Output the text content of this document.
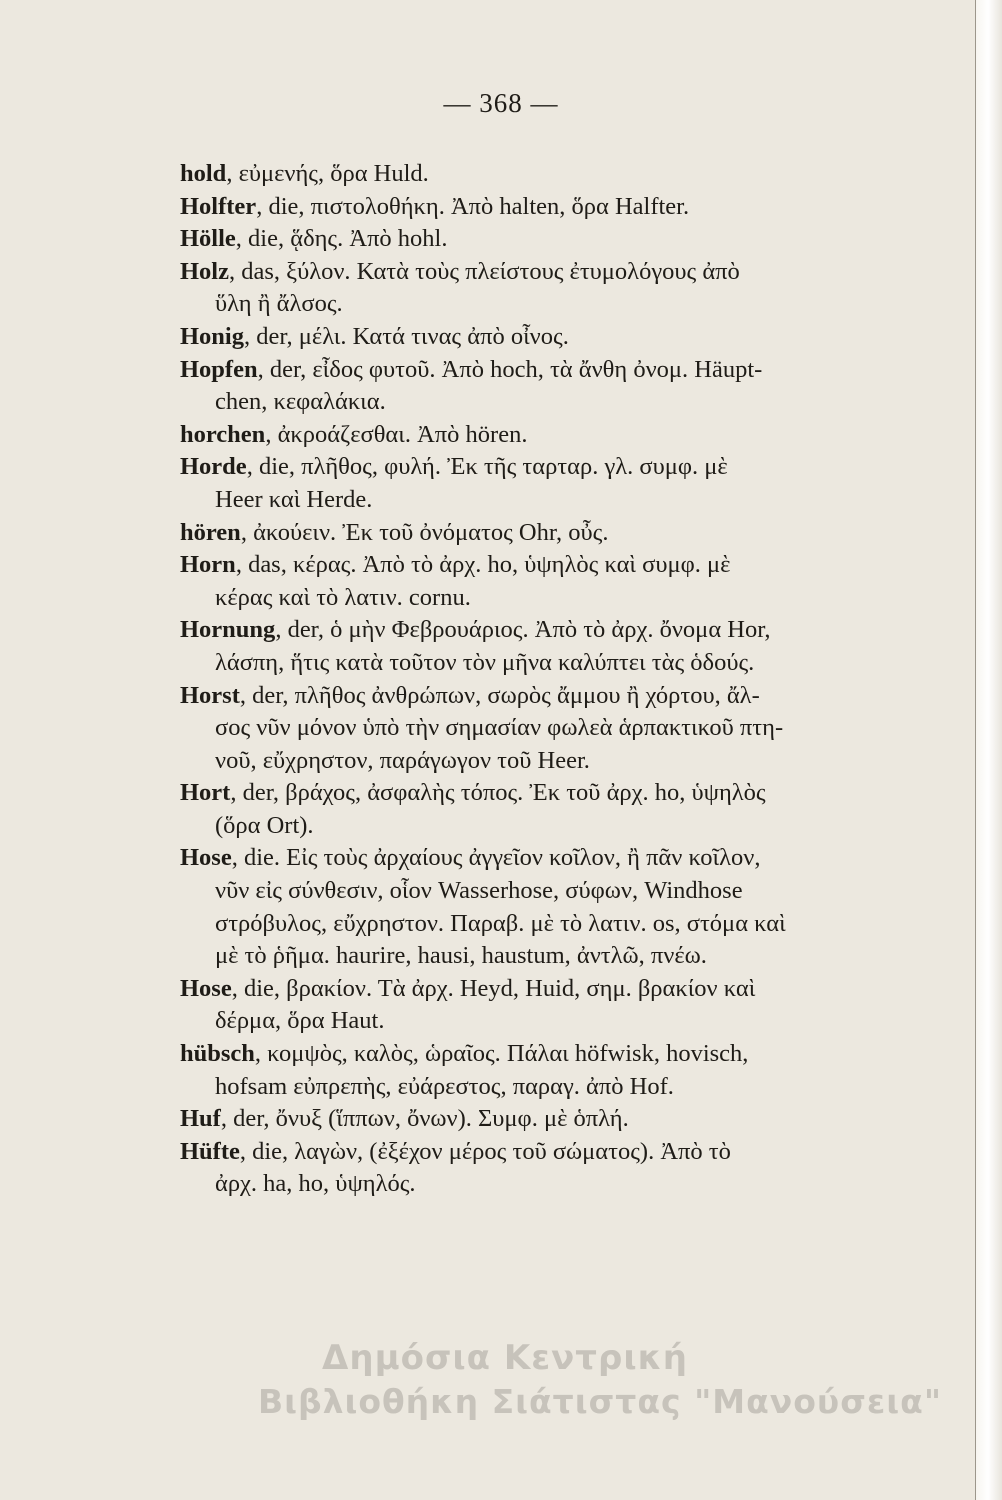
— 368 —
hold, εὐμενής, ὅρα Huld.
Holfter, die, πιστολοθήκη. Ἀπὸ halten, ὅρα Halfter.
Hölle, die, ᾅδης. Ἀπὸ hohl.
Holz, das, ξύλον. Κατὰ τοὺς πλείστους ἐτυμολόγους ἀπὸ
ὕλη ἢ ἄλσος.
Honig, der, μέλι. Κατά τινας ἀπὸ οἶνος.
Hopfen, der, εἶδος φυτοῦ. Ἀπὸ hoch, τὰ ἄνθη ὀνομ. Häupt-
chen, κεφαλάκια.
horchen, ἀκροάζεσθαι. Ἀπὸ hören.
Horde, die, πλῆθος, φυλή. Ἐκ τῆς ταρταρ. γλ. συμφ. μὲ
Heer καὶ Herde.
hören, ἀκούειν. Ἐκ τοῦ ὀνόματος Ohr, οὖς.
Horn, das, κέρας. Ἀπὸ τὸ ἀρχ. ho, ὑψηλὸς καὶ συμφ. μὲ
κέρας καὶ τὸ λατιν. cornu.
Hornung, der, ὁ μὴν Φεβρουάριος. Ἀπὸ τὸ ἀρχ. ὄνομα Hor,
λάσπη, ἥτις κατὰ τοῦτον τὸν μῆνα καλύπτει τὰς ὁδούς.
Horst, der, πλῆθος ἀνθρώπων, σωρὸς ἄμμου ἢ χόρτου, ἄλ-
σος νῦν μόνον ὑπὸ τὴν σημασίαν φωλεὰ ἁρπακτικοῦ πτη-
νοῦ, εὔχρηστον, παράγωγον τοῦ Heer.
Hort, der, βράχος, ἀσφαλὴς τόπος. Ἐκ τοῦ ἀρχ. ho, ὑψηλὸς
(ὅρα Ort).
Hose, die. Εἰς τοὺς ἀρχαίους ἀγγεῖον κοῖλον, ἢ πᾶν κοῖλον,
νῦν εἰς σύνθεσιν, οἷον Wasserhose, σύφων, Windhose
στρόβυλος, εὔχρηστον. Παραβ. μὲ τὸ λατιν. os, στόμα καὶ
μὲ τὸ ῥῆμα. haurire, hausi, haustum, ἀντλῶ, πνέω.
Hose, die, βρακίον. Τὰ ἀρχ. Heyd, Huid, σημ. βρακίον καὶ
δέρμα, ὅρα Haut.
hübsch, κομψὸς, καλὸς, ὡραῖος. Πάλαι höfwisk, hovisch,
hofsam εὐπρεπὴς, εὐάρεστος, παραγ. ἀπὸ Hof.
Huf, der, ὄνυξ (ἵππων, ὄνων). Συμφ. μὲ ὁπλή.
Hüfte, die, λαγὼν, (ἐξέχον μέρος τοῦ σώματος). Ἀπὸ τὸ
ἀρχ. ha, ho, ὑψηλός.
Δημόσια Κεντρική
Βιβλιοθήκη Σιάτιστας "Μανούσεια"
